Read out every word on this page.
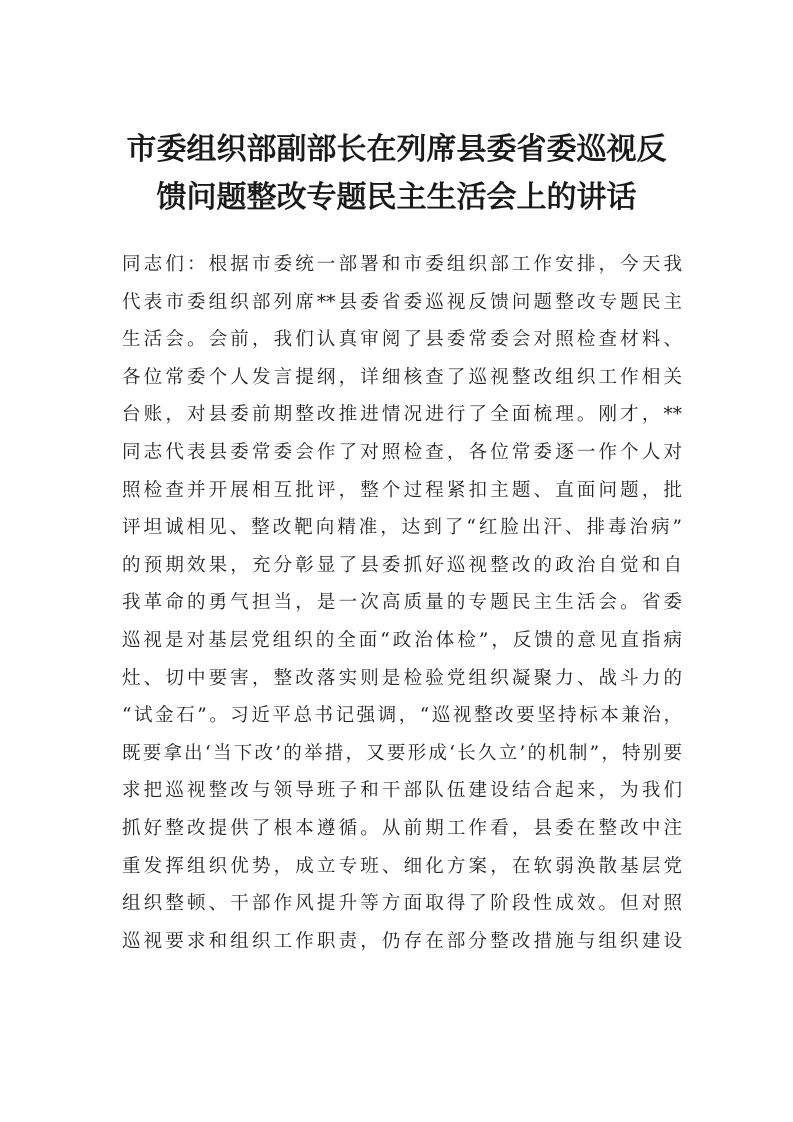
市委组织部副部长在列席县委省委巡视反
馈问题整改专题民主生活会上的讲话
同志们：根据市委统一部署和市委组织部工作安排，今天我
代表市委组织部列席**县委省委巡视反馈问题整改专题民主
生活会。会前，我们认真审阅了县委常委会对照检查材料、
各位常委个人发言提纲，详细核查了巡视整改组织工作相关
台账，对县委前期整改推进情况进行了全面梳理。刚才，**
同志代表县委常委会作了对照检查，各位常委逐一作个人对
照检查并开展相互批评，整个过程紧扣主题、直面问题，批
评坦诚相见、整改靶向精准，达到了“红脸出汗、排毒治病”
的预期效果，充分彰显了县委抓好巡视整改的政治自觉和自
我革命的勇气担当，是一次高质量的专题民主生活会。省委
巡视是对基层党组织的全面“政治体检”，反馈的意见直指病
灶、切中要害，整改落实则是检验党组织凝聚力、战斗力的
“试金石”。习近平总书记强调，“巡视整改要坚持标本兼治，
既要拿出‘当下改’的举措，又要形成‘长久立’的机制”，特别要
求把巡视整改与领导班子和干部队伍建设结合起来，为我们
抓好整改提供了根本遵循。从前期工作看，县委在整改中注
重发挥组织优势，成立专班、细化方案，在软弱涣散基层党
组织整顿、干部作风提升等方面取得了阶段性成效。但对照
巡视要求和组织工作职责，仍存在部分整改措施与组织建设
